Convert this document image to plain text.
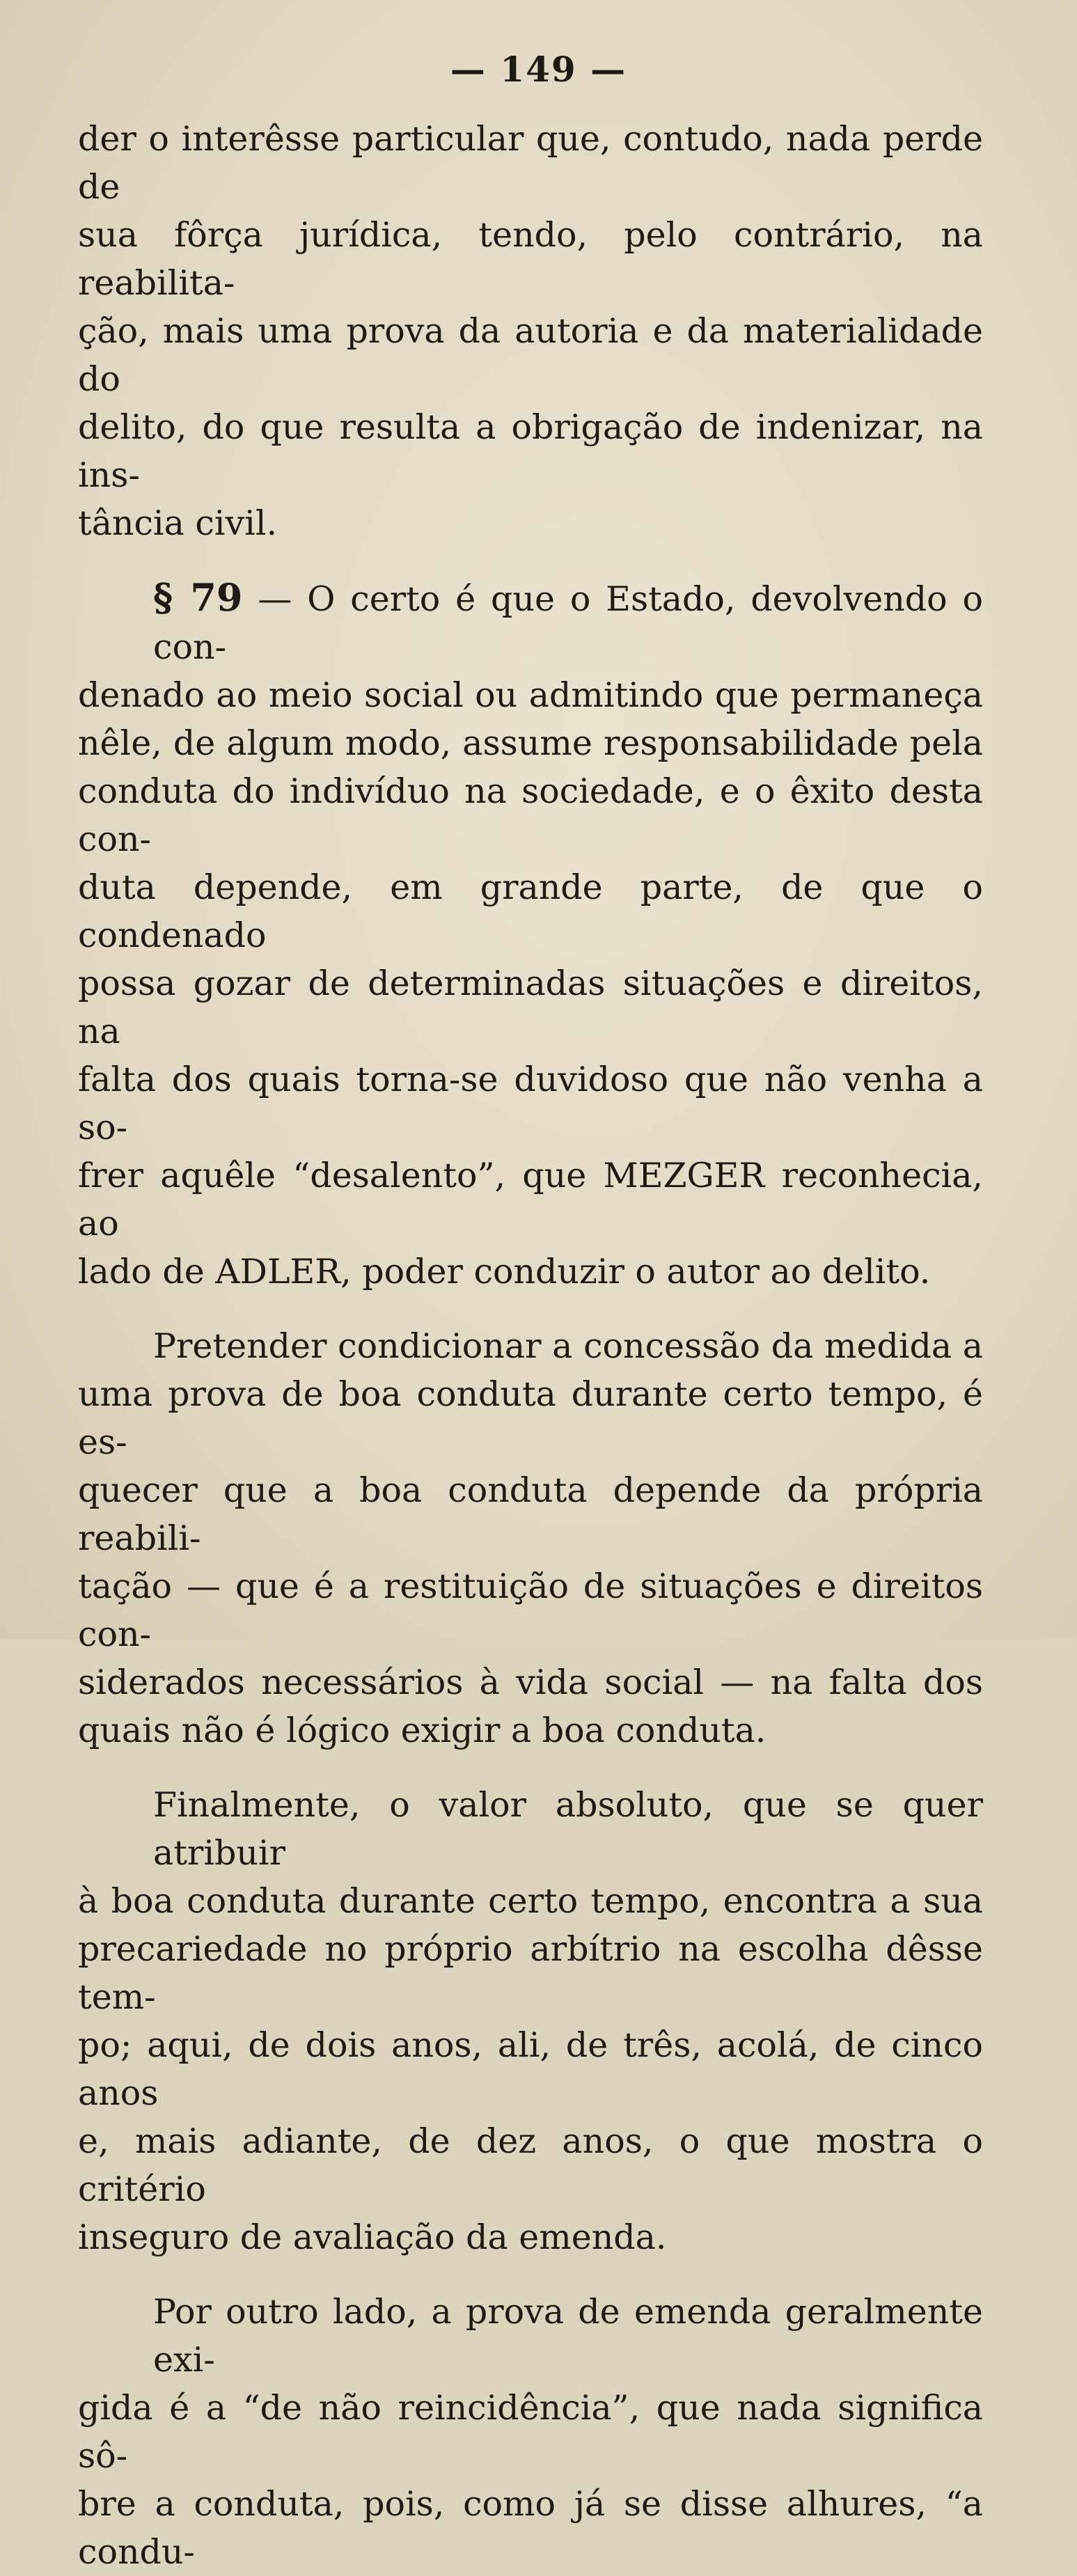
— 149 —
der o interêsse particular que, contudo, nada perde de
sua fôrça jurídica, tendo, pelo contrário, na reabilita-
ção, mais uma prova da autoria e da materialidade do
delito, do que resulta a obrigação de indenizar, na ins-
tância civil.
§ 79 — O certo é que o Estado, devolvendo o con-
denado ao meio social ou admitindo que permaneça
nêle, de algum modo, assume responsabilidade pela
conduta do indivíduo na sociedade, e o êxito desta con-
duta depende, em grande parte, de que o condenado
possa gozar de determinadas situações e direitos, na
falta dos quais torna-se duvidoso que não venha a so-
frer aquêle “desalento”, que MEZGER reconhecia, ao
lado de ADLER, poder conduzir o autor ao delito.
Pretender condicionar a concessão da medida a
uma prova de boa conduta durante certo tempo, é es-
quecer que a boa conduta depende da própria reabili-
tação — que é a restituição de situações e direitos con-
siderados necessários à vida social — na falta dos
quais não é lógico exigir a boa conduta.
Finalmente, o valor absoluto, que se quer atribuir
à boa conduta durante certo tempo, encontra a sua
precariedade no próprio arbítrio na escolha dêsse tem-
po; aqui, de dois anos, ali, de três, acolá, de cinco anos
e, mais adiante, de dez anos, o que mostra o critério
inseguro de avaliação da emenda.
Por outro lado, a prova de emenda geralmente exi-
gida é a “de não reincidência”, que nada significa sô-
bre a conduta, pois, como já se disse alhures, “a condu-
